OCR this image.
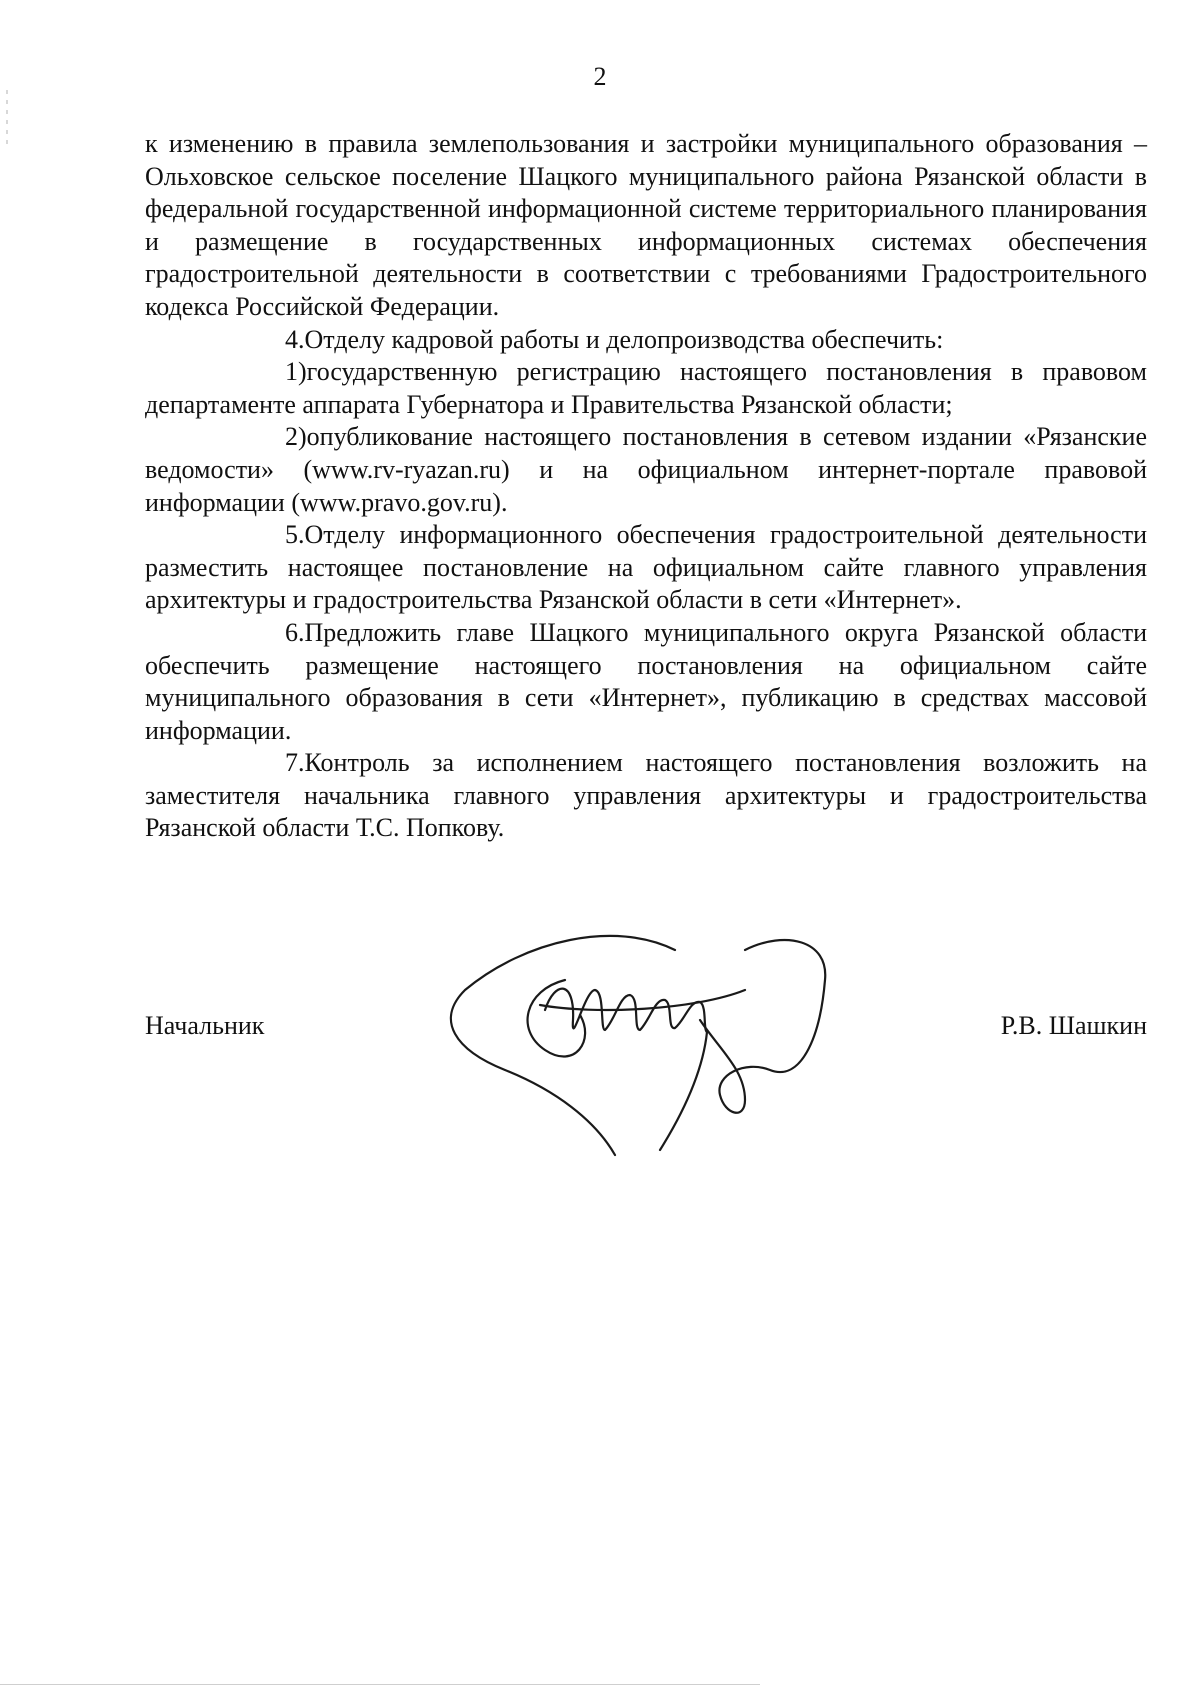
2

к изменению в правила землепользования и застройки муниципального образования – Ольховское сельское поселение Шацкого муниципального района Рязанской области в федеральной государственной информационной системе территориального планирования и размещение в государственных информационных системах обеспечения градостроительной деятельности в соответствии с требованиями Градостроительного кодекса Российской Федерации.

4.Отделу кадровой работы и делопроизводства обеспечить:

1)государственную регистрацию настоящего постановления в правовом департаменте аппарата Губернатора и Правительства Рязанской области;

2)опубликование настоящего постановления в сетевом издании «Рязанские ведомости» (www.rv-ryazan.ru) и на официальном интернет-портале правовой информации (www.pravo.gov.ru).

5.Отделу информационного обеспечения градостроительной деятельности разместить настоящее постановление на официальном сайте главного управления архитектуры и градостроительства Рязанской области в сети «Интернет».

6.Предложить главе Шацкого муниципального округа Рязанской области обеспечить размещение настоящего постановления на официальном сайте муниципального образования в сети «Интернет», публикацию в средствах массовой информации.

7.Контроль за исполнением настоящего постановления возложить на заместителя начальника главного управления архитектуры и градостроительства Рязанской области Т.С. Попкову.

Начальник	Р.В. Шашкин
